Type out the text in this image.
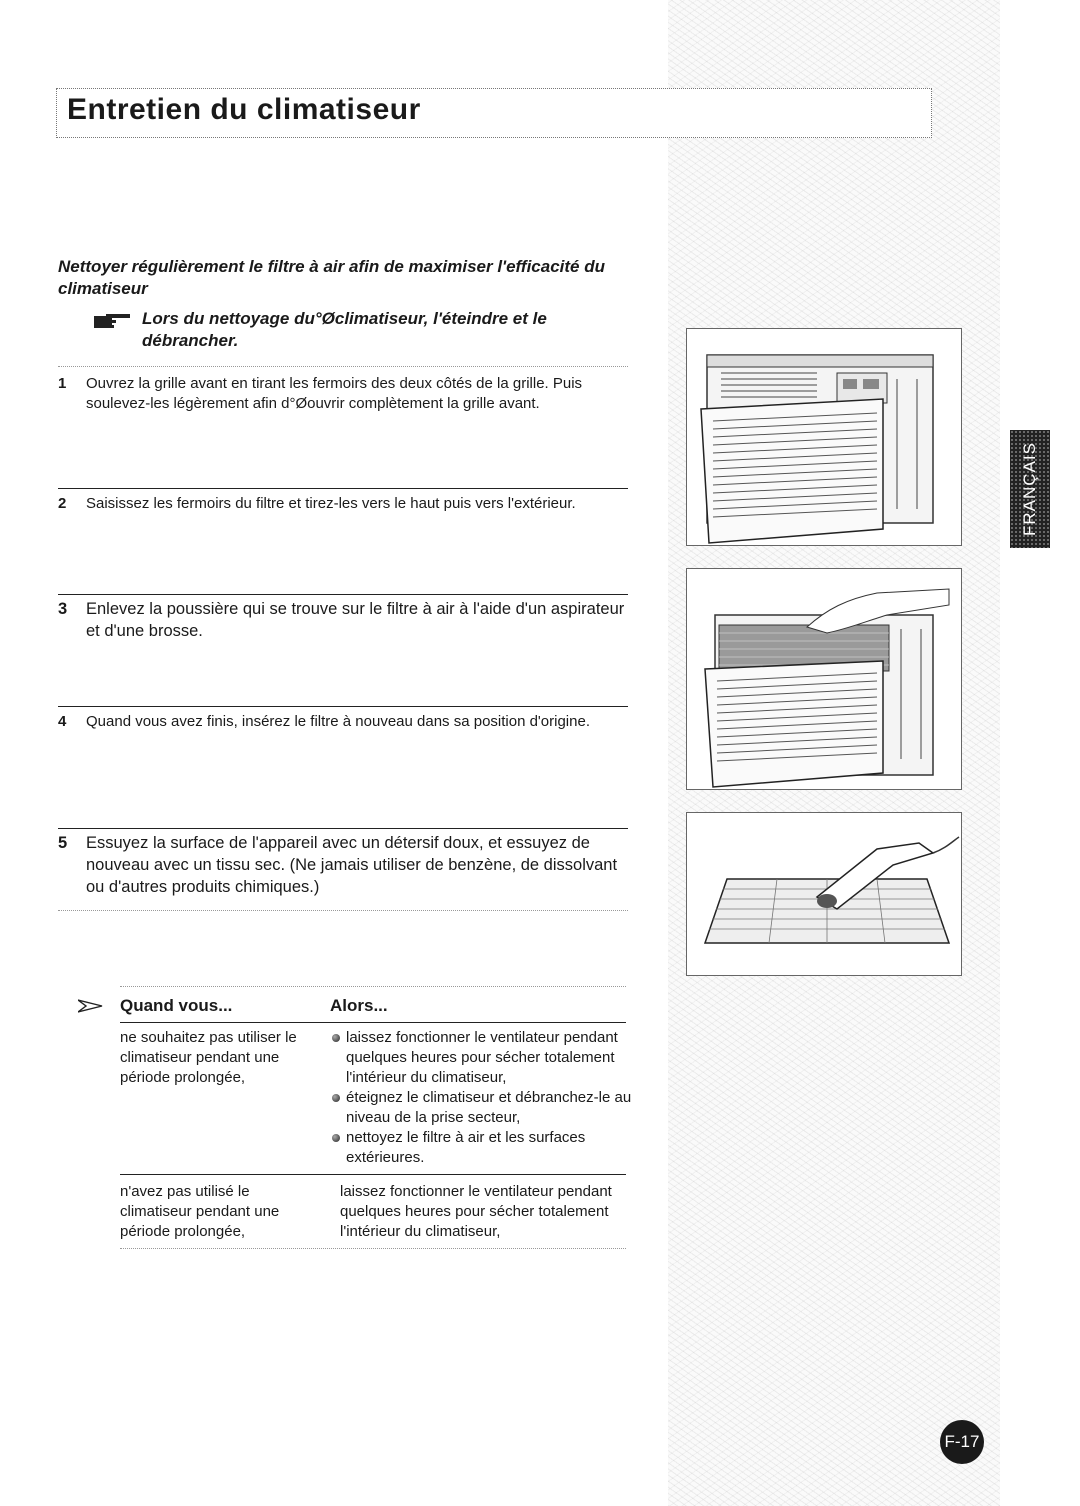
Entretien du climatiseur
Nettoyer régulièrement le filtre à air afin de maximiser l'efficacité du climatiseur
Lors du nettoyage du°Øclimatiseur, l'éteindre et le débrancher.
1 Ouvrez la grille avant en tirant les fermoirs des deux côtés de la grille. Puis soulevez-les légèrement afin d°Øouvrir complètement la grille avant.
2 Saisissez les fermoirs du filtre et tirez-les vers le haut puis vers l'extérieur.
3 Enlevez la poussière qui se trouve sur le filtre à air à l'aide d'un aspirateur et d'une brosse.
4 Quand vous avez finis, insérez le filtre à nouveau dans sa position d'origine.
5 Essuyez la surface de l'appareil avec un détersif doux, et essuyez de nouveau avec un tissu sec. (Ne jamais utiliser de benzène, de dissolvant ou d'autres produits chimiques.)
FRANÇAIS
Quand vous...	Alors...
ne souhaitez pas utiliser le climatiseur pendant une période prolongée,
laissez fonctionner le ventilateur pendant quelques heures pour sécher totalement l'intérieur du climatiseur,
éteignez le climatiseur et débranchez-le au niveau de la prise secteur,
nettoyez le filtre à air et les surfaces extérieures.
n'avez pas utilisé le climatiseur pendant une période prolongée,
laissez fonctionner le ventilateur pendant quelques heures pour sécher totalement l'intérieur du climatiseur,
F-17
